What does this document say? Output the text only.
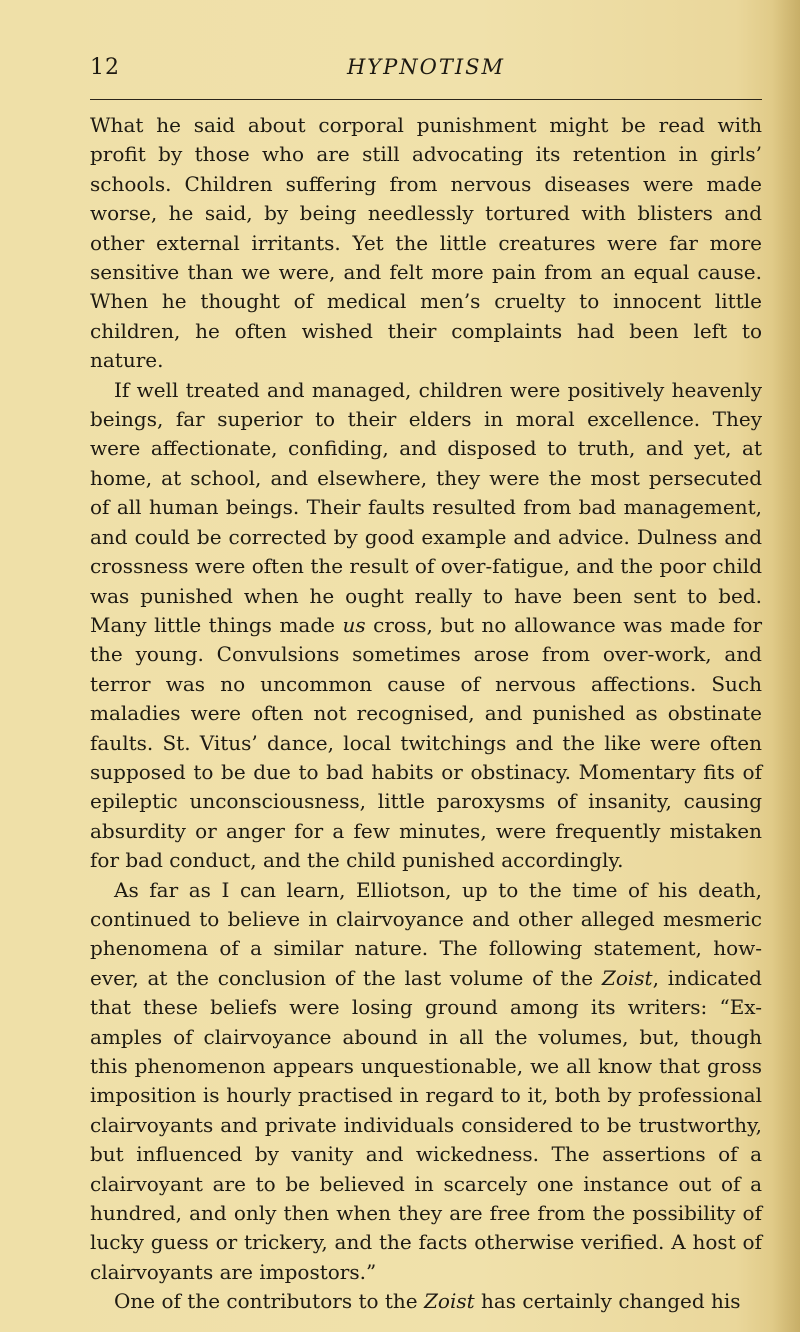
12	HYPNOTISM

What he said about corporal punishment might be read with profit by those who are still advocating its retention in girls’ schools. Children suffering from nervous diseases were made worse, he said, by being needlessly tortured with blisters and other external irritants. Yet the little creatures were far more sensitive than we were, and felt more pain from an equal cause. When he thought of medical men’s cruelty to innocent little children, he often wished their complaints had been left to nature.

If well treated and managed, children were positively heavenly beings, far superior to their elders in moral excellence. They were affectionate, confiding, and disposed to truth, and yet, at home, at school, and elsewhere, they were the most persecuted of all human beings. Their faults resulted from bad management, and could be corrected by good example and advice. Dulness and crossness were often the result of over-fatigue, and the poor child was punished when he ought really to have been sent to bed. Many little things made us cross, but no allowance was made for the young. Convulsions sometimes arose from over-work, and terror was no uncommon cause of nervous affections. Such maladies were often not recognised, and punished as obstinate faults. St. Vitus’ dance, local twitchings and the like were often supposed to be due to bad habits or obstinacy. Momentary fits of epileptic unconsciousness, little paroxysms of insanity, causing absurdity or anger for a few minutes, were frequently mistaken for bad conduct, and the child punished accordingly.

As far as I can learn, Elliotson, up to the time of his death, continued to believe in clairvoyance and other alleged mesmeric phenomena of a similar nature. The following statement, how-ever, at the conclusion of the last volume of the Zoist, indicated that these beliefs were losing ground among its writers: “Ex-amples of clairvoyance abound in all the volumes, but, though this phenomenon appears unquestionable, we all know that gross imposition is hourly practised in regard to it, both by professional clairvoyants and private individuals considered to be trustworthy, but influenced by vanity and wickedness. The assertions of a clairvoyant are to be believed in scarcely one instance out of a hundred, and only then when they are free from the possibility of lucky guess or trickery, and the facts otherwise verified. A host of clairvoyants are impostors.”

One of the contributors to the Zoist has certainly changed his
